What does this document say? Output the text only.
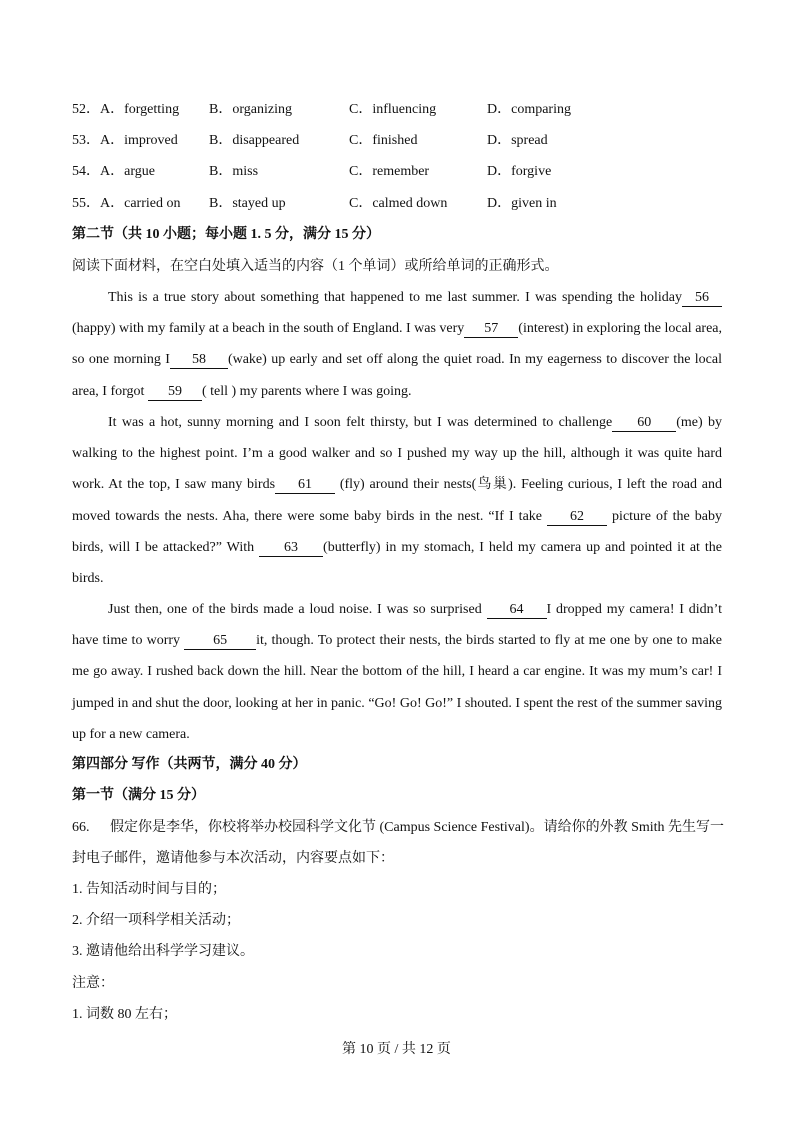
52． A．forgetting B．organizing	C．influencing	D．comparing
53． A．improved B．disappeared	C．finished	D．spread
54． A．argue	B．miss	C．remember	D．forgive
55． A．carried on B．stayed up	C．calmed down	D．given in
第二节（共 10 小题；每小题 1. 5 分，满分 15 分）
阅读下面材料，在空白处填入适当的内容（1 个单词）或所给单词的正确形式。

This is a true story about something that happened to me last summer. I was spending the holiday 56 (happy) with my family at a beach in the south of England. I was very 57 (interest) in exploring the local area, so one morning I 58 (wake) up early and set off along the quiet road. In my eagerness to discover the local area, I forgot 59 ( tell ) my parents where I was going.

It was a hot, sunny morning and I soon felt thirsty, but I was determined to challenge 60 (me) by walking to the highest point. I’m a good walker and so I pushed my way up the hill, although it was quite hard work. At the top, I saw many birds 61 (fly) around their nests(鸟巢). Feeling curious, I left the road and moved towards the nests. Aha, there were some baby birds in the nest. “If I take 62 picture of the baby birds, will I be attacked?” With 63 (butterfly) in my stomach, I held my camera up and pointed it at the birds.

Just then, one of the birds made a loud noise. I was so surprised 64 I dropped my camera! I didn’t have time to worry 65 it, though. To protect their nests, the birds started to fly at me one by one to make me go away. I rushed back down the hill. Near the bottom of the hill, I heard a car engine. It was my mum’s car! I jumped in and shut the door, looking at her in panic. “Go! Go! Go!” I shouted. I spent the rest of the summer saving up for a new camera.

第四部分 写作（共两节，满分 40 分）
第一节（满分 15 分）
66. 假定你是李华，你校将举办校园科学文化节 (Campus Science Festival)。请给你的外教 Smith 先生写一
封电子邮件，邀请他参与本次活动，内容要点如下：
1. 告知活动时间与目的；
2. 介绍一项科学相关活动；
3. 邀请他给出科学学习建议。
注意：
1. 词数 80 左右；
第 10 页 / 共 12 页
